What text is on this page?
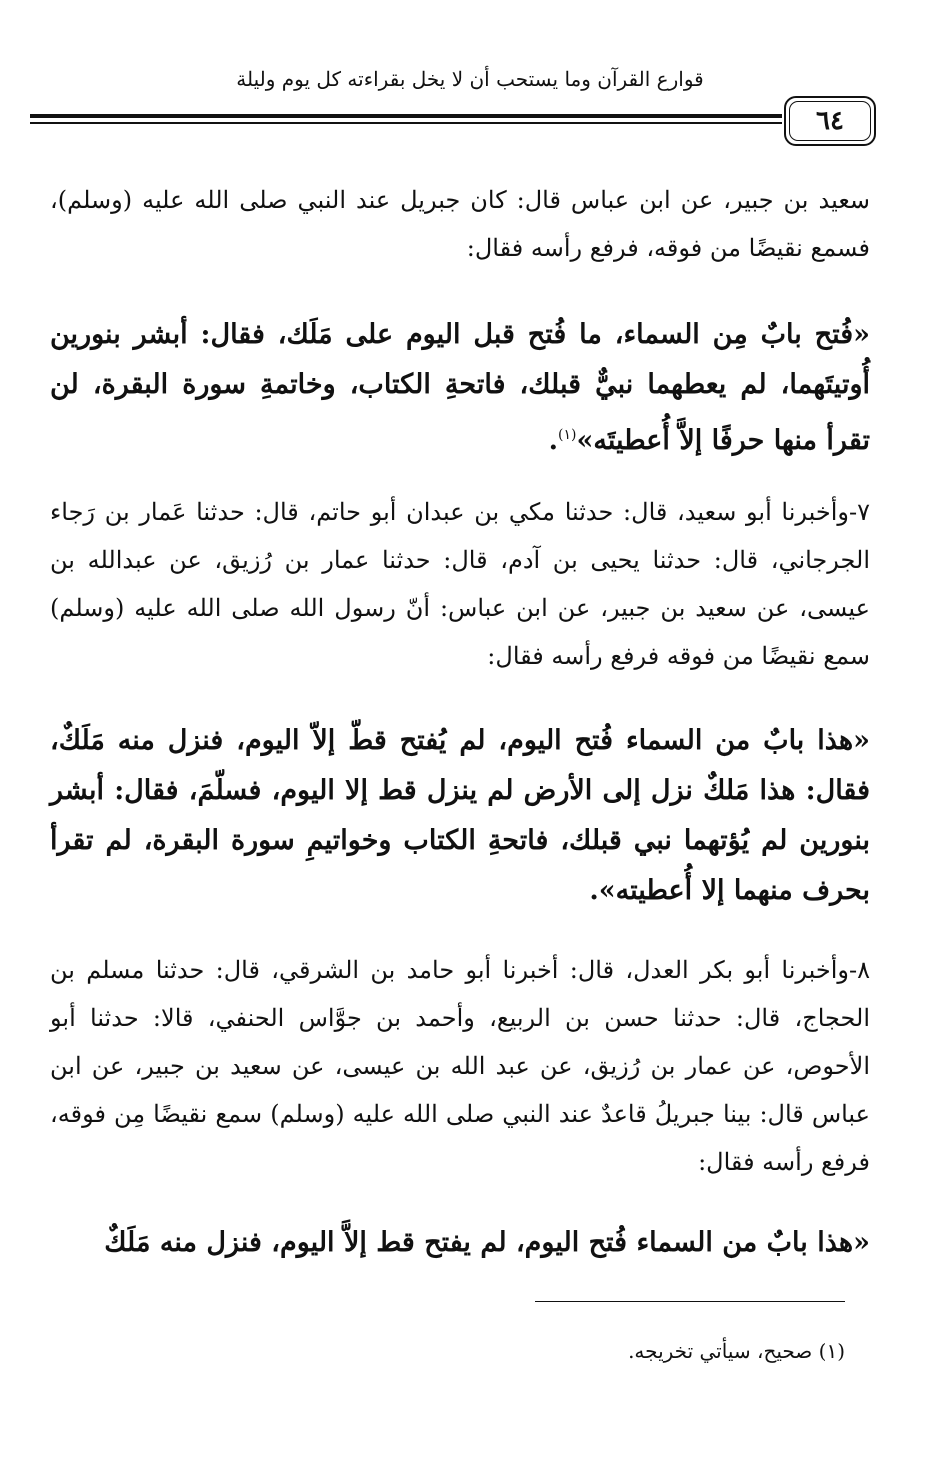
قوارع القرآن وما يستحب أن لا يخل بقراءته كل يوم وليلة
٦٤
سعيد بن جبير، عن ابن عباس قال: كان جبريل عند النبي صلى الله عليه (وسلم)، فسمع نقيضًا من فوقه، فرفع رأسه فقال:
«فُتح بابٌ مِن السماء، ما فُتح قبل اليوم على مَلَك، فقال: أبشر بنورين أُوتيتَهما، لم يعطهما نبيٌّ قبلك، فاتحةِ الكتاب، وخاتمةِ سورة البقرة، لن تقرأ منها حرفًا إلاَّ أُعطيتَه»$^{(١)}$.
٧-وأخبرنا أبو سعيد، قال: حدثنا مكي بن عبدان أبو حاتم، قال: حدثنا عَمار بن رَجاء الجرجاني، قال: حدثنا يحيى بن آدم، قال: حدثنا عمار بن رُزيق، عن عبدالله بن عيسى، عن سعيد بن جبير، عن ابن عباس: أنّ رسول الله صلى الله عليه (وسلم) سمع نقيضًا من فوقه فرفع رأسه فقال:
«هذا بابٌ من السماء فُتح اليوم، لم يُفتح قطّ إلاّ اليوم، فنزل منه مَلَكٌ، فقال: هذا مَلكٌ نزل إلى الأرض لم ينزل قط إلا اليوم، فسلّمَ، فقال: أبشر بنورين لم يُؤتهما نبي قبلك، فاتحةِ الكتاب وخواتيمِ سورة البقرة، لم تقرأ بحرف منهما إلا أُعطيته».
٨-وأخبرنا أبو بكر العدل، قال: أخبرنا أبو حامد بن الشرقي، قال: حدثنا مسلم بن الحجاج، قال: حدثنا حسن بن الربيع، وأحمد بن جوَّاس الحنفي، قالا: حدثنا أبو الأحوص، عن عمار بن رُزيق، عن عبد الله بن عيسى، عن سعيد بن جبير، عن ابن عباس قال: بينا جبريلُ قاعدٌ عند النبي صلى الله عليه (وسلم) سمع نقيضًا مِن فوقه، فرفع رأسه فقال:
«هذا بابٌ من السماء فُتح اليوم، لم يفتح قط إلاَّ اليوم، فنزل منه مَلَكٌ
(١) صحيح، سيأتي تخريجه.
